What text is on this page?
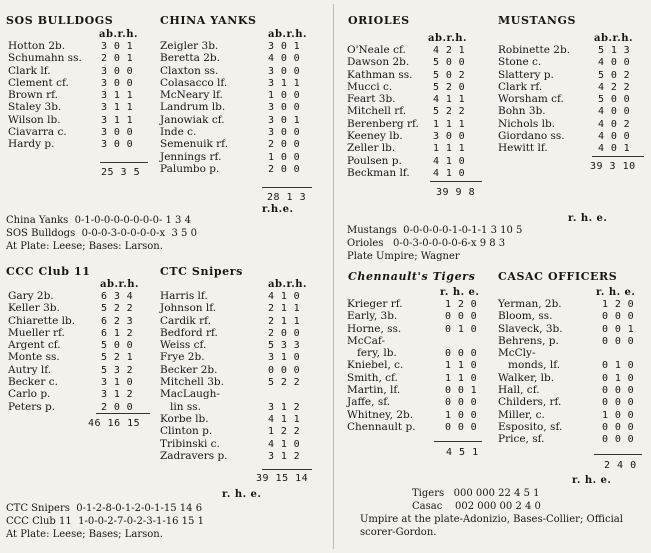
SOS BULLDOGS	CHINA YANKS
ab.r.h.	ab.r.h.
Hotton 2b.	3 0 1
Schumahn ss. 2 0 1
Clark lf.	3 0 0
Clement cf.	3 0 0
Brown rf.	3 1 1
Staley 3b.	3 1 1
Wilson lb.	3 1 1
Ciavarra c.	3 0 0
Hardy p.	3 0 0
Zeigler 3b.	3 0 1
Beretta 2b.	4 0 0
Claxton ss.	3 0 0
Colasacco lf.	3 1 1
McNeary lf.	1 0 0
Landrum lb.	3 0 0
Janowiak cf.	3 0 1
Inde c.	3 0 0
Semenuik rf.	2 0 0
Jennings rf.	1 0 0
Palumbo p.	2 0 0
25 3 5
28 1 3
r.h.e.
China Yanks  0-1-0-0-0-0-0-0-0- 1 3 4
SOS Bulldogs  0-0-0-3-0-0-0-0-x  3 5 0
At Plate: Leese; Bases: Larson.
CCC Club 11	CTC Snipers
ab.r.h.	ab.r.h.
Gary 2b.	6 3 4
Keller 3b.	5 2 2
Chiarette lb.	6 2 3
Mueller rf.	6 1 2
Argent cf.	5 0 0
Monte ss.	5 2 1
Autry lf.	5 3 2
Becker c.	3 1 0
Carlo p.	3 1 2
Peters p.	2 0 0
Harris lf.	4 1 0
Johnson lf.	2 1 1
Cardik rf.	2 1 1
Bedford rf.	2 0 0
Weiss cf.	5 3 3
Frye 2b.	3 1 0
Becker 2b.	0 0 0
Mitchell 3b.	5 2 2
MacLaugh-
lin ss.	3 1 2
Korbe lb.	4 1 1
Clinton p.	1 2 2
Tribinski c.	4 1 0
Zadravers p.	3 1 2
46 16 15
39 15 14
r. h. e.
CTC Snipers  0-1-2-8-0-1-2-0-1-15 14 6
CCC Club 11  1-0-0-2-7-0-2-3-1-16 15 1
At Plate: Leese; Bases; Larson.
ORIOLES	MUSTANGS
ab.r.h.	ab.r.h.
O'Neale cf.	4 2 1
Dawson 2b. 5 0 0
Kathman ss. 5 0 2
Mucci c.	5 2 0
Feart 3b.	4 1 1
Mitchell rf.	5 2 2
Berenberg rf. 1 1 1
Keeney lb.	3 0 0
Zeller lb.	1 1 1
Poulsen p.	4 1 0
Beckman lf. 4 1 0
Robinette 2b.	5 1 3
Stone c.	4 0 0
Slattery p.	5 0 2
Clark rf.	4 2 2
Worsham cf.	5 0 0
Bohn 3b.	4 0 0
Nichols lb.	4 0 2
Giordano ss.	4 0 0
Hewitt lf.	4 0 1
39 9 8
39 3 10
r. h. e.
Mustangs  0-0-0-0-0-1-0-1-1 3 10 5
Orioles   0-0-3-0-0-0-0-6-x 9 8 3
Plate Umpire; Wagner
Chennault's Tigers CASAC OFFICERS
r. h. e.	r. h. e.
Krieger rf.	1 2 0
Early, 3b.	0 0 0
Horne, ss.	0 1 0
McCaf-
fery, lb.	0 0 0
Kniebel, c.	1 1 0
Smith, cf.	1 1 0
Martin, lf.	0 0 1
Jaffe, sf.	0 0 0
Whitney, 2b.	1 0 0
Chennault p.	0 0 0
Yerman, 2b.	1 2 0
Bloom, ss.	0 0 0
Slaveck, 3b.	0 0 1
Behrens, p.	0 0 0
McCly-
monds, lf.	0 1 0
Walker, lb.	0 1 0
Hall, cf.	0 0 0
Childers, rf.	0 0 0
Miller, c.	1 0 0
Esposito, sf.	0 0 0
Price, sf.	0 0 0
4 5 1
2 4 0
r. h. e.
Tigers   000 000 22 4 5 1
Casac    002 000 00 2 4 0
Umpire at the plate-Adonizio, Bases-Collier; Official scorer-Gordon.
